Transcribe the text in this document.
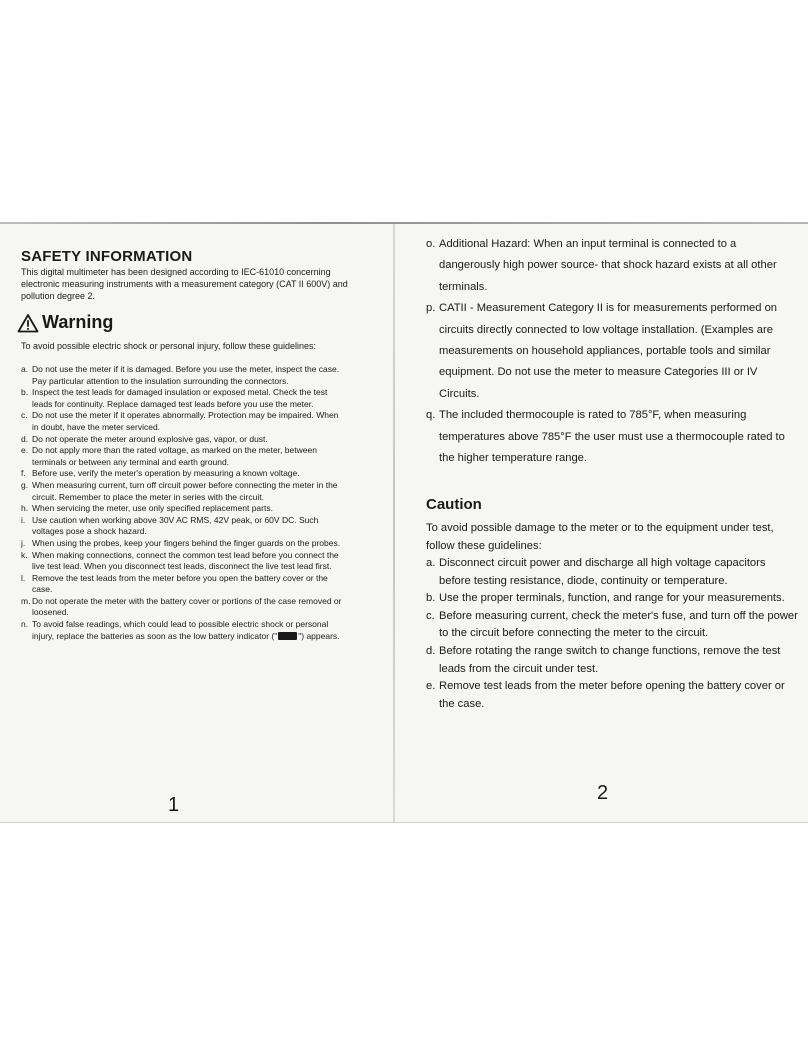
SAFETY INFORMATION

This digital multimeter has been designed according to IEC-61010 concerning electronic measuring instruments with a measurement category (CAT II 600V) and pollution degree 2.

Warning

To avoid possible electric shock or personal injury, follow these guidelines:

a. Do not use the meter if it is damaged. Before you use the meter, inspect the case. Pay particular attention to the insulation surrounding the connectors.
b. Inspect the test leads for damaged insulation or exposed metal. Check the test leads for continuity. Replace damaged test leads before you use the meter.
c. Do not use the meter if it operates abnormally. Protection may be impaired. When in doubt, have the meter serviced.
d. Do not operate the meter around explosive gas, vapor, or dust.
e. Do not apply more than the rated voltage, as marked on the meter, between terminals or between any terminal and earth ground.
f. Before use, verify the meter's operation by measuring a known voltage.
g. When measuring current, turn off circuit power before connecting the meter in the circuit. Remember to place the meter in series with the circuit.
h. When servicing the meter, use only specified replacement parts.
i. Use caution when working above 30V AC RMS, 42V peak, or 60V DC. Such voltages pose a shock hazard.
j. When using the probes, keep your fingers behind the finger guards on the probes.
k. When making connections, connect the common test lead before you connect the live test lead. When you disconnect test leads, disconnect the live test lead first.
l. Remove the test leads from the meter before you open the battery cover or the case.
m. Do not operate the meter with the battery cover or portions of the case removed or loosened.
n. To avoid false readings, which could lead to possible electric shock or personal injury, replace the batteries as soon as the low battery indicator (" ") appears.

1

o. Additional Hazard: When an input terminal is connected to a dangerously high power source- that shock hazard exists at all other terminals.
p. CATII - Measurement Category II is for measurements performed on circuits directly connected to low voltage installation. (Examples are measurements on household appliances, portable tools and similar equipment. Do not use the meter to measure Categories III or IV Circuits.
q. The included thermocouple is rated to 785°F, when measuring temperatures above 785°F the user must use a thermocouple rated to the higher temperature range.
Caution

To avoid possible damage to the meter or to the equipment under test, follow these guidelines:

a. Disconnect circuit power and discharge all high voltage capacitors before testing resistance, diode, continuity or temperature.
b. Use the proper terminals, function, and range for your measurements.
c. Before measuring current, check the meter's fuse, and turn off the power to the circuit before connecting the meter to the circuit.
d. Before rotating the range switch to change functions, remove the test leads from the circuit under test.
e. Remove test leads from the meter before opening the battery cover or the case.

2
